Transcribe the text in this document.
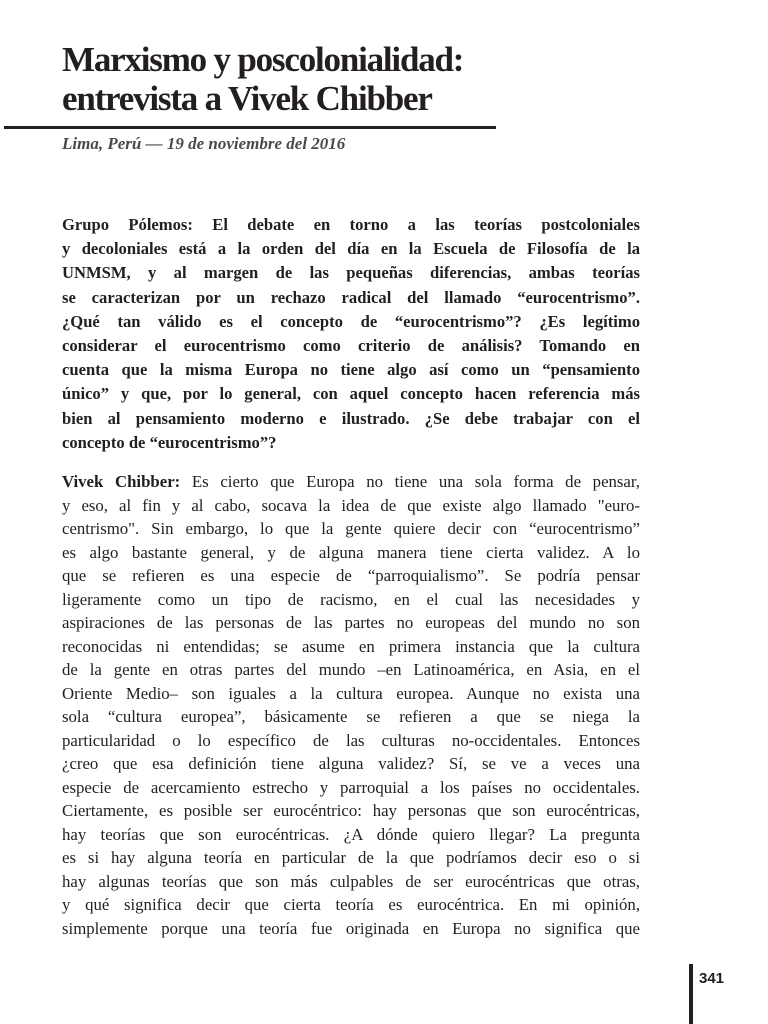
Marxismo y poscolonialidad:
entrevista a Vivek Chibber

Lima, Perú — 19 de noviembre del 2016

Grupo Pólemos: El debate en torno a las teorías postcoloniales
y decoloniales está a la orden del día en la Escuela de Filosofía de la
UNMSM, y al margen de las pequeñas diferencias, ambas teorías
se caracterizan por un rechazo radical del llamado “eurocentrismo”.
¿Qué tan válido es el concepto de “eurocentrismo”? ¿Es legítimo
considerar el eurocentrismo como criterio de análisis? Tomando en
cuenta que la misma Europa no tiene algo así como un “pensamiento
único” y que, por lo general, con aquel concepto hacen referencia más
bien al pensamiento moderno e ilustrado. ¿Se debe trabajar con el
concepto de “eurocentrismo”?

Vivek Chibber: Es cierto que Europa no tiene una sola forma de pensar,
y eso, al fin y al cabo, socava la idea de que existe algo llamado "euro-
centrismo". Sin embargo, lo que la gente quiere decir con “eurocentrismo”
es algo bastante general, y de alguna manera tiene cierta validez. A lo
que se refieren es una especie de “parroquialismo”. Se podría pensar
ligeramente como un tipo de racismo, en el cual las necesidades y
aspiraciones de las personas de las partes no europeas del mundo no son
reconocidas ni entendidas; se asume en primera instancia que la cultura
de la gente en otras partes del mundo –en Latinoamérica, en Asia, en el
Oriente Medio– son iguales a la cultura europea. Aunque no exista una
sola “cultura europea”, básicamente se refieren a que se niega la
particularidad o lo específico de las culturas no-occidentales. Entonces
¿creo que esa definición tiene alguna validez? Sí, se ve a veces una
especie de acercamiento estrecho y parroquial a los países no occidentales.
Ciertamente, es posible ser eurocéntrico: hay personas que son eurocéntricas,
hay teorías que son eurocéntricas. ¿A dónde quiero llegar? La pregunta
es si hay alguna teoría en particular de la que podríamos decir eso o si
hay algunas teorías que son más culpables de ser eurocéntricas que otras,
y qué significa decir que cierta teoría es eurocéntrica. En mi opinión,
simplemente porque una teoría fue originada en Europa no significa que

341
